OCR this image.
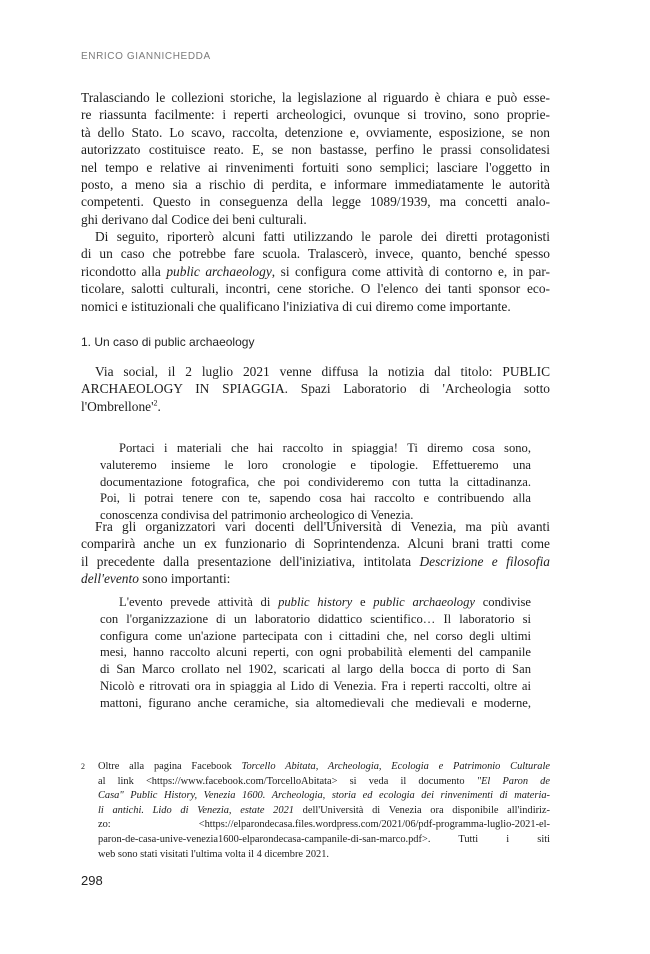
ENRICO GIANNICHEDDA
Tralasciando le collezioni storiche, la legislazione al riguardo è chiara e può esse-
re riassunta facilmente: i reperti archeologici, ovunque si trovino, sono proprie-
tà dello Stato. Lo scavo, raccolta, detenzione e, ovviamente, esposizione, se non
autorizzato costituisce reato. E, se non bastasse, perfino le prassi consolidatesi
nel tempo e relative ai rinvenimenti fortuiti sono semplici; lasciare l'oggetto in
posto, a meno sia a rischio di perdita, e informare immediatamente le autorità
competenti. Questo in conseguenza della legge 1089/1939, ma concetti analo-
ghi derivano dal Codice dei beni culturali.
Di seguito, riporterò alcuni fatti utilizzando le parole dei diretti protagonisti
di un caso che potrebbe fare scuola. Tralascerò, invece, quanto, benché spesso
ricondotto alla public archaeology, si configura come attività di contorno e, in par-
ticolare, salotti culturali, incontri, cene storiche. O l'elenco dei tanti sponsor eco-
nomici e istituzionali che qualificano l'iniziativa di cui diremo come importante.
1. Un caso di public archaeology
Via social, il 2 luglio 2021 venne diffusa la notizia dal titolo: PUBLIC
ARCHAEOLOGY IN SPIAGGIA. Spazi Laboratorio di 'Archeologia sotto
$l'Ombrellone'^2$.
Portaci i materiali che hai raccolto in spiaggia! Ti diremo cosa sono,
valuteremo insieme le loro cronologie e tipologie. Effettueremo una
documentazione fotografica, che poi condivideremo con tutta la cittadinanza.
Poi, li potrai tenere con te, sapendo cosa hai raccolto e contribuendo alla
conoscenza condivisa del patrimonio archeologico di Venezia.
Fra gli organizzatori vari docenti dell'Università di Venezia, ma più avanti
comparirà anche un ex funzionario di Soprintendenza. Alcuni brani tratti come
il precedente dalla presentazione dell'iniziativa, intitolata Descrizione e filosofia
dell'evento sono importanti:
L'evento prevede attività di public history e public archaeology condivise
con l'organizzazione di un laboratorio didattico scientifico… Il laboratorio si
configura come un'azione partecipata con i cittadini che, nel corso degli ultimi
mesi, hanno raccolto alcuni reperti, con ogni probabilità elementi del campanile
di San Marco crollato nel 1902, scaricati al largo della bocca di porto di San
Nicolò e ritrovati ora in spiaggia al Lido di Venezia. Fra i reperti raccolti, oltre ai
mattoni, figurano anche ceramiche, sia altomedievali che medievali e moderne,
2 Oltre alla pagina Facebook Torcello Abitata, Archeologia, Ecologia e Patrimonio Culturale
al link <https://www.facebook.com/TorcelloAbitata> si veda il documento "El Paron de
Casa" Public History, Venezia 1600. Archeologia, storia ed ecologia dei rinvenimenti di materia-
li antichi. Lido di Venezia, estate 2021 dell'Università di Venezia ora disponibile all'indiriz-
zo: <https://elparondecasa.files.wordpress.com/2021/06/pdf-programma-luglio-2021-el-
paron-de-casa-unive-venezia1600-elparondecasa-campanile-di-san-marco.pdf>. Tutti i siti
web sono stati visitati l'ultima volta il 4 dicembre 2021.
298
